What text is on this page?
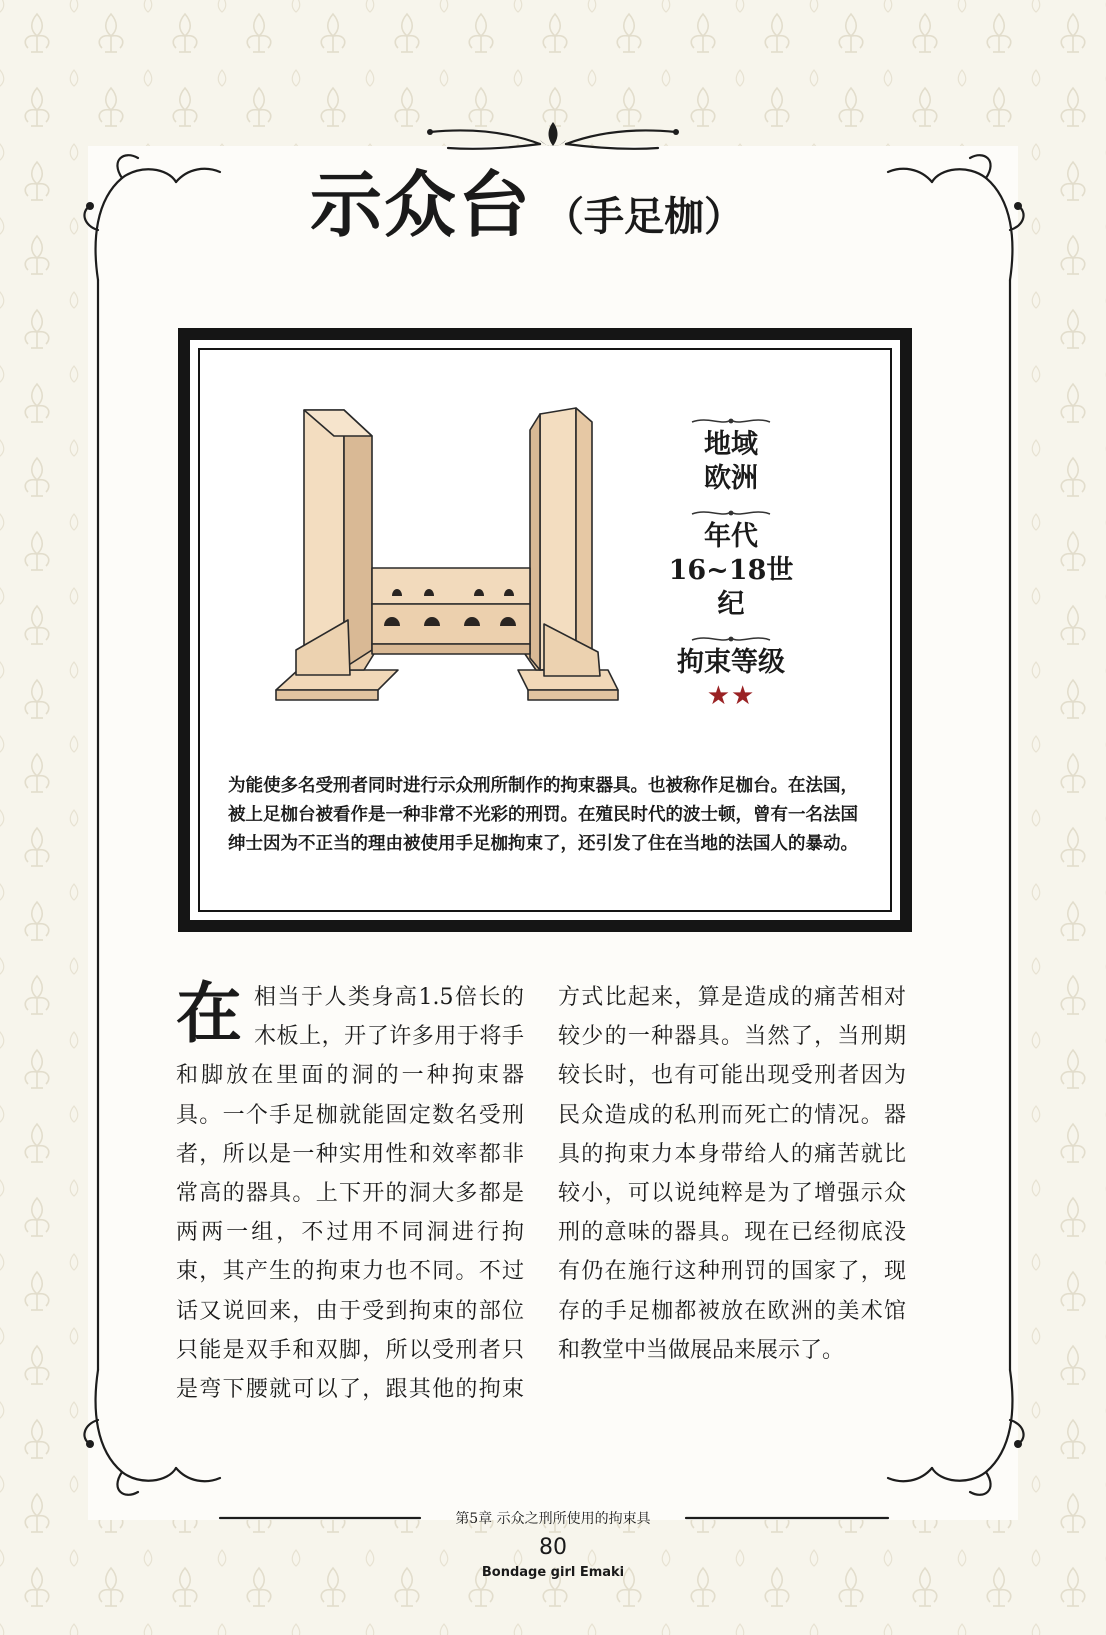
示众台 （手足枷）
地域
欧洲
年代
16~18世纪
拘束等级
★★
为能使多名受刑者同时进行示众刑所制作的拘束器具。也被称作足枷台。在法国，被上足枷台被看作是一种非常不光彩的刑罚。在殖民时代的波士顿，曾有一名法国绅士因为不正当的理由被使用手足枷拘束了，还引发了住在当地的法国人的暴动。
在相当于人类身高1.5倍长的木板上，开了许多用于将手和脚放在里面的洞的一种拘束器具。一个手足枷就能固定数名受刑者，所以是一种实用性和效率都非常高的器具。上下开的洞大多都是两两一组，不过用不同洞进行拘束，其产生的拘束力也不同。不过话又说回来，由于受到拘束的部位只能是双手和双脚，所以受刑者只是弯下腰就可以了，跟其他的拘束方式比起来，算是造成的痛苦相对较少的一种器具。当然了，当刑期较长时，也有可能出现受刑者因为民众造成的私刑而死亡的情况。器具的拘束力本身带给人的痛苦就比较小，可以说纯粹是为了增强示众刑的意味的器具。现在已经彻底没有仍在施行这种刑罚的国家了，现存的手足枷都被放在欧洲的美术馆和教堂中当做展品来展示了。
第5章 示众之刑所使用的拘束具
80
Bondage girl Emaki
